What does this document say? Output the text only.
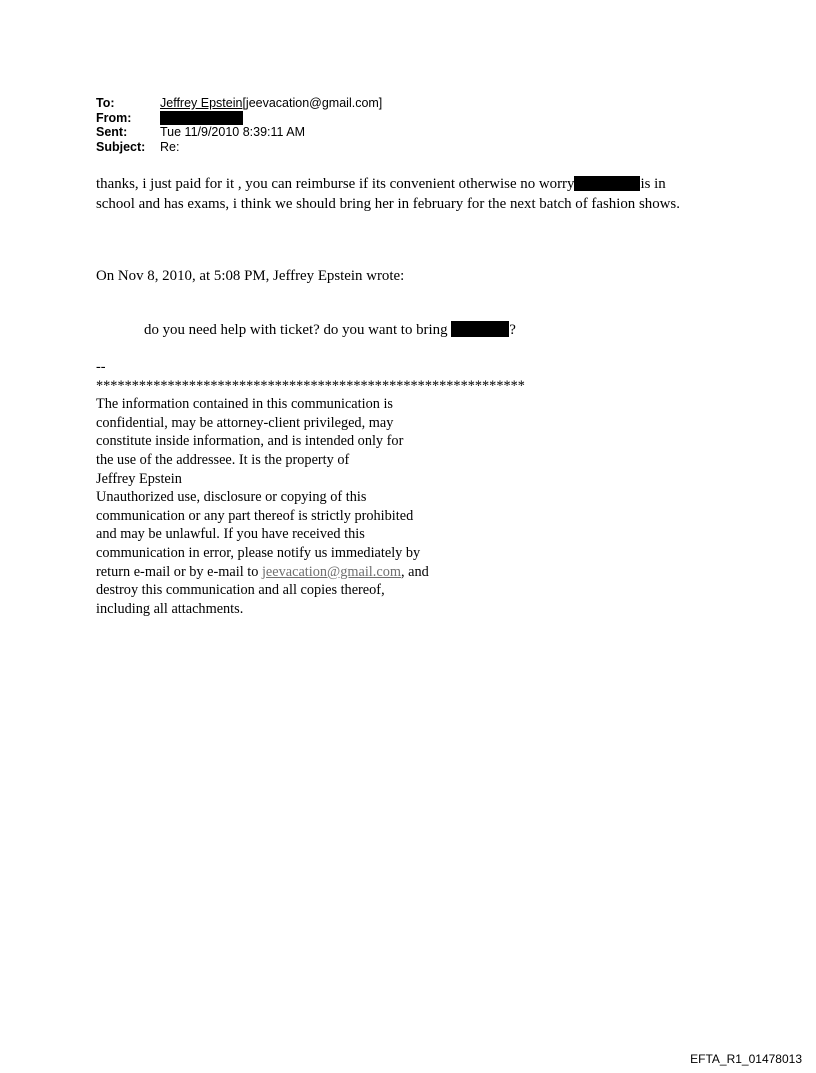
To:	Jeffrey Epstein[jeevacation@gmail.com]
From:
Sent:	Tue 11/9/2010 8:39:11 AM
Subject:	Re:
thanks, i just paid for it , you can reimburse if its convenient otherwise no worry	is in
school and has exams, i think we should bring her in february for the next batch of fashion shows.
On Nov 8, 2010, at 5:08 PM, Jeffrey Epstein wrote:
do you need help with ticket? do you want to bring	?
--
************************************************************
The information contained in this communication is
confidential, may be attorney-client privileged, may
constitute inside information, and is intended only for
the use of the addressee. It is the property of
Jeffrey Epstein
Unauthorized use, disclosure or copying of this
communication or any part thereof is strictly prohibited
and may be unlawful. If you have received this
communication in error, please notify us immediately by
return e-mail or by e-mail to jeevacation@gmail.com, and
destroy this communication and all copies thereof,
including all attachments.
EFTA_R1_01478013
